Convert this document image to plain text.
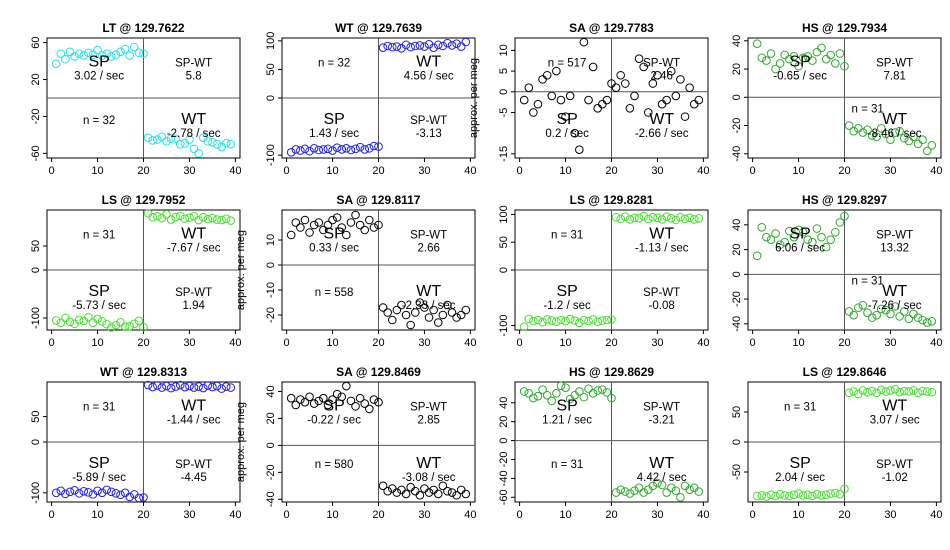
LT @ 129.7622
0	10	20	30	40
-60
-20
20
60
SP
3.02 / sec
n = 32	WT
-2.78 / sec
SP-WT
5.8
WT @ 129.7639
0	10	20	30	40
-100
0
50
100
SP
1.43 / sec
n = 32	WT
4.56 / sec
SP-WT
-3.13
SA @ 129.7783
approx. per meg
0	10	20	30	40
-15
-5
0
5
10
SP
0.2 / sec
n = 517
WT
-2.66 / sec
SP-WT
2.46
HS @ 129.7934
0	10	20	30	40
-40
-20
0
20
40
SP
-0.65 / sec
WT
-8.46 / sec
SP-WT
7.81
n = 31
LS @ 129.7952
0	10	20	30	40
-100
0
50
SP
-5.73 / sec
n = 31	WT
-7.67 / sec
SP-WT
1.94
SA @ 129.8117
approx. per meg
0	10	20	30	40
-20
-10
0
10	SP
0.33 / sec
n = 558	WT
-2.33 / sec
SP-WT
2.66
LS @ 129.8281
0	10	20	30	40
-100
0
50
100
SP
-1.2 / sec
n = 31	WT
-1.13 / sec
SP-WT
-0.08
HS @ 129.8297
0	10	20	30	40
-40
-20
0
20
40
SP
6.06 / sec
WT
-7.26 / sec
SP-WT
13.32
n = 31
WT @ 129.8313
0	10	20	30	40
-100
0
50
SP
-5.89 / sec
n = 31	WT
-1.44 / sec
SP-WT
-4.45
SA @ 129.8469
approx. per meg
0	10	20	30	40
-40
-20
0
20
40
SP
-0.22 / sec
n = 580	WT
-3.08 / sec
SP-WT
2.85
HS @ 129.8629
0	10	20	30	40
-60
-40
-20
0
20
40	SP
1.21 / sec
n = 31	WT
4.42 / sec
SP-WT
-3.21
LS @ 129.8646
0	10	20	30	40
-50
0
50
SP
2.04 / sec
n = 31	WT
3.07 / sec
SP-WT
-1.02
